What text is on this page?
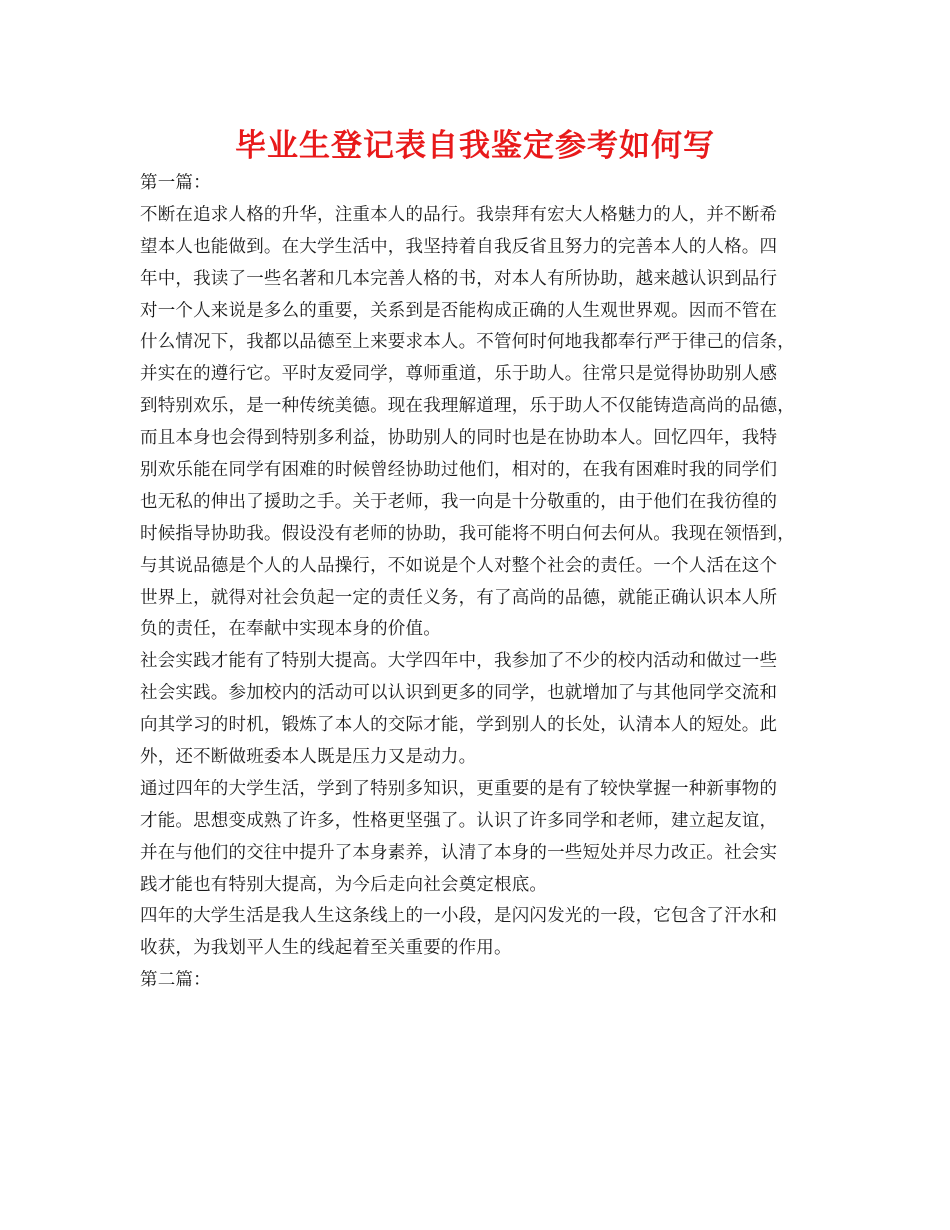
毕业生登记表自我鉴定参考如何写
第一篇：
不断在追求人格的升华，注重本人的品行。我崇拜有宏大人格魅力的人，并不断希
望本人也能做到。在大学生活中，我坚持着自我反省且努力的完善本人的人格。四
年中，我读了一些名著和几本完善人格的书，对本人有所协助，越来越认识到品行
对一个人来说是多么的重要，关系到是否能构成正确的人生观世界观。因而不管在
什么情况下，我都以品德至上来要求本人。不管何时何地我都奉行严于律己的信条，
并实在的遵行它。平时友爱同学，尊师重道，乐于助人。往常只是觉得协助别人感
到特别欢乐，是一种传统美德。现在我理解道理，乐于助人不仅能铸造高尚的品德，
而且本身也会得到特别多利益，协助别人的同时也是在协助本人。回忆四年，我特
别欢乐能在同学有困难的时候曾经协助过他们，相对的，在我有困难时我的同学们
也无私的伸出了援助之手。关于老师，我一向是十分敬重的，由于他们在我彷徨的
时候指导协助我。假设没有老师的协助，我可能将不明白何去何从。我现在领悟到，
与其说品德是个人的人品操行，不如说是个人对整个社会的责任。一个人活在这个
世界上，就得对社会负起一定的责任义务，有了高尚的品德，就能正确认识本人所
负的责任，在奉献中实现本身的价值。
社会实践才能有了特别大提高。大学四年中，我参加了不少的校内活动和做过一些
社会实践。参加校内的活动可以认识到更多的同学，也就增加了与其他同学交流和
向其学习的时机，锻炼了本人的交际才能，学到别人的长处，认清本人的短处。此
外，还不断做班委本人既是压力又是动力。
通过四年的大学生活，学到了特别多知识，更重要的是有了较快掌握一种新事物的
才能。思想变成熟了许多，性格更坚强了。认识了许多同学和老师，建立起友谊，
并在与他们的交往中提升了本身素养，认清了本身的一些短处并尽力改正。社会实
践才能也有特别大提高，为今后走向社会奠定根底。
四年的大学生活是我人生这条线上的一小段，是闪闪发光的一段，它包含了汗水和
收获，为我划平人生的线起着至关重要的作用。
第二篇：
